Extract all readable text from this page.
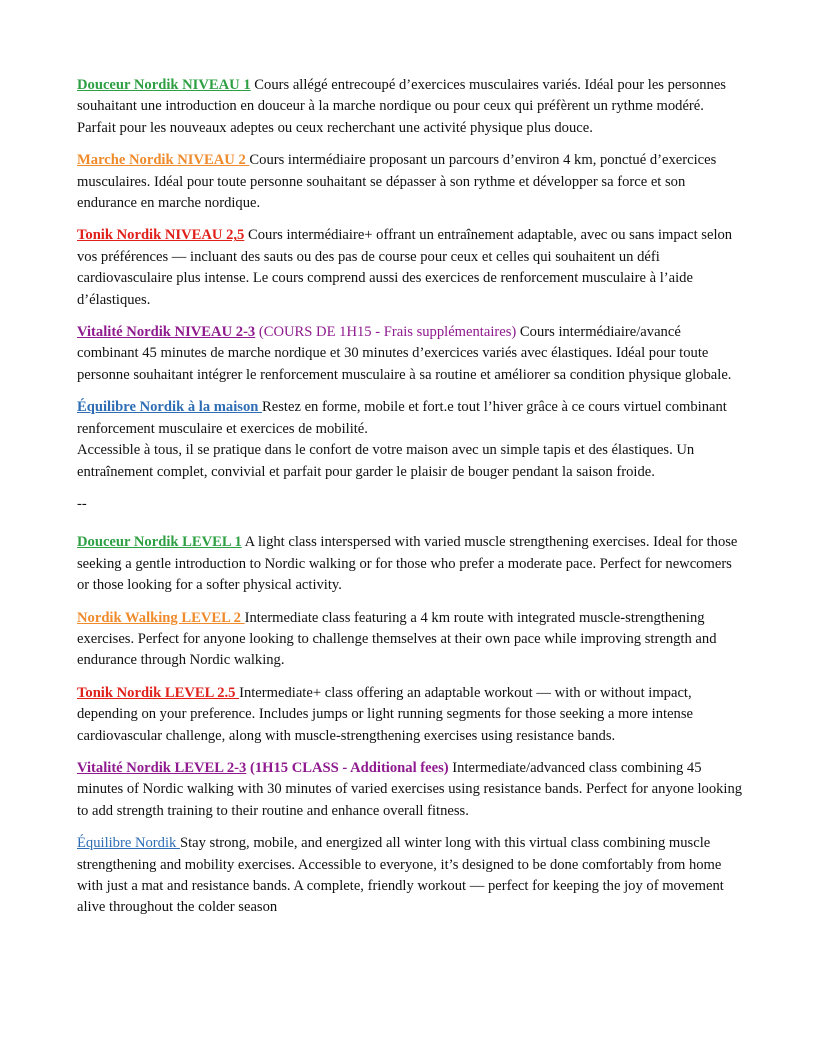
Douceur Nordik NIVEAU 1 Cours allégé entrecoupé d’exercices musculaires variés. Idéal pour les personnes souhaitant une introduction en douceur à la marche nordique ou pour ceux qui préfèrent un rythme modéré. Parfait pour les nouveaux adeptes ou ceux recherchant une activité physique plus douce.

Marche Nordik NIVEAU 2 Cours intermédiaire proposant un parcours d’environ 4 km, ponctué d’exercices musculaires. Idéal pour toute personne souhaitant se dépasser à son rythme et développer sa force et son endurance en marche nordique.

Tonik Nordik NIVEAU 2,5 Cours intermédiaire+ offrant un entraînement adaptable, avec ou sans impact selon vos préférences — incluant des sauts ou des pas de course pour ceux et celles qui souhaitent un défi cardiovasculaire plus intense. Le cours comprend aussi des exercices de renforcement musculaire à l’aide d’élastiques.

Vitalité Nordik NIVEAU 2-3 (COURS DE 1H15 - Frais supplémentaires) Cours intermédiaire/avancé combinant 45 minutes de marche nordique et 30 minutes d’exercices variés avec élastiques. Idéal pour toute personne souhaitant intégrer le renforcement musculaire à sa routine et améliorer sa condition physique globale.

Équilibre Nordik à la maison Restez en forme, mobile et fort.e tout l’hiver grâce à ce cours virtuel combinant renforcement musculaire et exercices de mobilité.
Accessible à tous, il se pratique dans le confort de votre maison avec un simple tapis et des élastiques. Un entraînement complet, convivial et parfait pour garder le plaisir de bouger pendant la saison froide.

--

Douceur Nordik LEVEL 1 A light class interspersed with varied muscle strengthening exercises. Ideal for those seeking a gentle introduction to Nordic walking or for those who prefer a moderate pace. Perfect for newcomers or those looking for a softer physical activity.

Nordik Walking LEVEL 2 Intermediate class featuring a 4 km route with integrated muscle-strengthening exercises. Perfect for anyone looking to challenge themselves at their own pace while improving strength and endurance through Nordic walking.

Tonik Nordik LEVEL 2.5 Intermediate+ class offering an adaptable workout — with or without impact, depending on your preference. Includes jumps or light running segments for those seeking a more intense cardiovascular challenge, along with muscle-strengthening exercises using resistance bands.

Vitalité Nordik LEVEL 2-3 (1H15 CLASS - Additional fees) Intermediate/advanced class combining 45 minutes of Nordic walking with 30 minutes of varied exercises using resistance bands. Perfect for anyone looking to add strength training to their routine and enhance overall fitness.

Équilibre Nordik Stay strong, mobile, and energized all winter long with this virtual class combining muscle strengthening and mobility exercises. Accessible to everyone, it’s designed to be done comfortably from home with just a mat and resistance bands. A complete, friendly workout — perfect for keeping the joy of movement alive throughout the colder season
